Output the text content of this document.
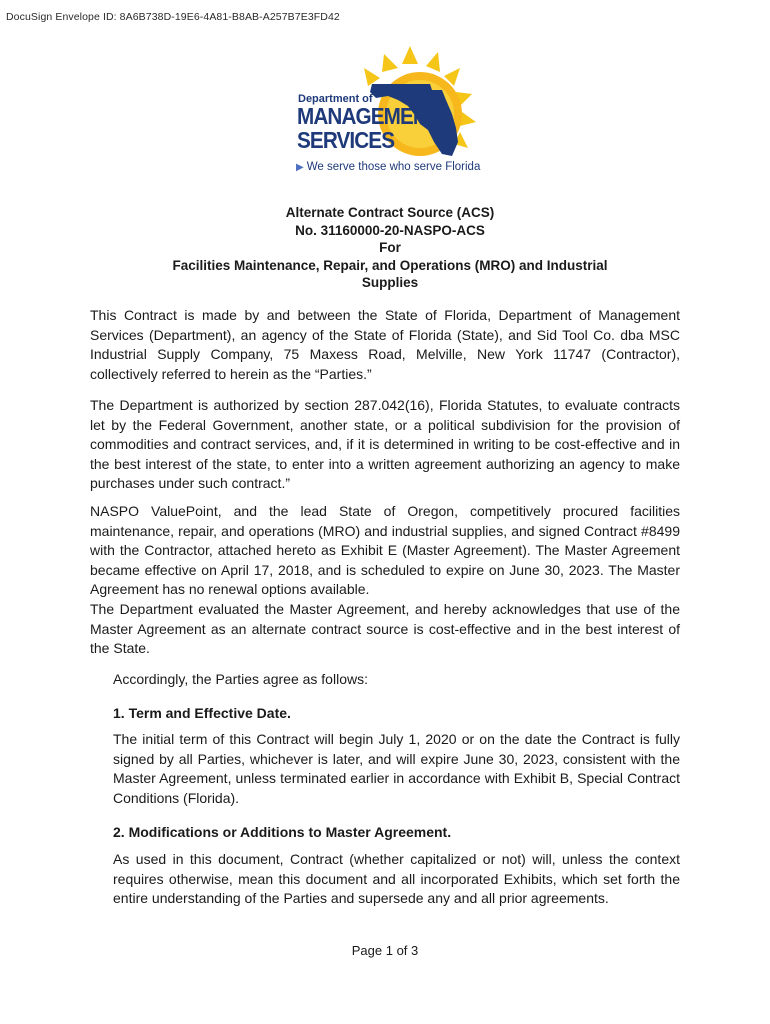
DocuSign Envelope ID: 8A6B738D-19E6-4A81-B8AB-A257B7E3FD42
Department of
MANAGEMENT
SERVICES
▶ We serve those who serve Florida
Alternate Contract Source (ACS)
No. 31160000-20-NASPO-ACS
For
Facilities Maintenance, Repair, and Operations (MRO) and Industrial
Supplies

This Contract is made by and between the State of Florida, Department of Management Services (Department), an agency of the State of Florida (State), and Sid Tool Co. dba MSC Industrial Supply Company, 75 Maxess Road, Melville, New York 11747 (Contractor), collectively referred to herein as the “Parties.”

The Department is authorized by section 287.042(16), Florida Statutes, to evaluate contracts let by the Federal Government, another state, or a political subdivision for the provision of commodities and contract services, and, if it is determined in writing to be cost-effective and in the best interest of the state, to enter into a written agreement authorizing an agency to make purchases under such contract.”

NASPO ValuePoint, and the lead State of Oregon, competitively procured facilities maintenance, repair, and operations (MRO) and industrial supplies, and signed Contract #8499 with the Contractor, attached hereto as Exhibit E (Master Agreement). The Master Agreement became effective on April 17, 2018, and is scheduled to expire on June 30, 2023. The Master Agreement has no renewal options available.

The Department evaluated the Master Agreement, and hereby acknowledges that use of the Master Agreement as an alternate contract source is cost-effective and in the best interest of the State.

Accordingly, the Parties agree as follows:

1. Term and Effective Date.

The initial term of this Contract will begin July 1, 2020 or on the date the Contract is fully signed by all Parties, whichever is later, and will expire June 30, 2023, consistent with the Master Agreement, unless terminated earlier in accordance with Exhibit B, Special Contract Conditions (Florida).

2. Modifications or Additions to Master Agreement.

As used in this document, Contract (whether capitalized or not) will, unless the context requires otherwise, mean this document and all incorporated Exhibits, which set forth the entire understanding of the Parties and supersede any and all prior agreements.

Page 1 of 3
